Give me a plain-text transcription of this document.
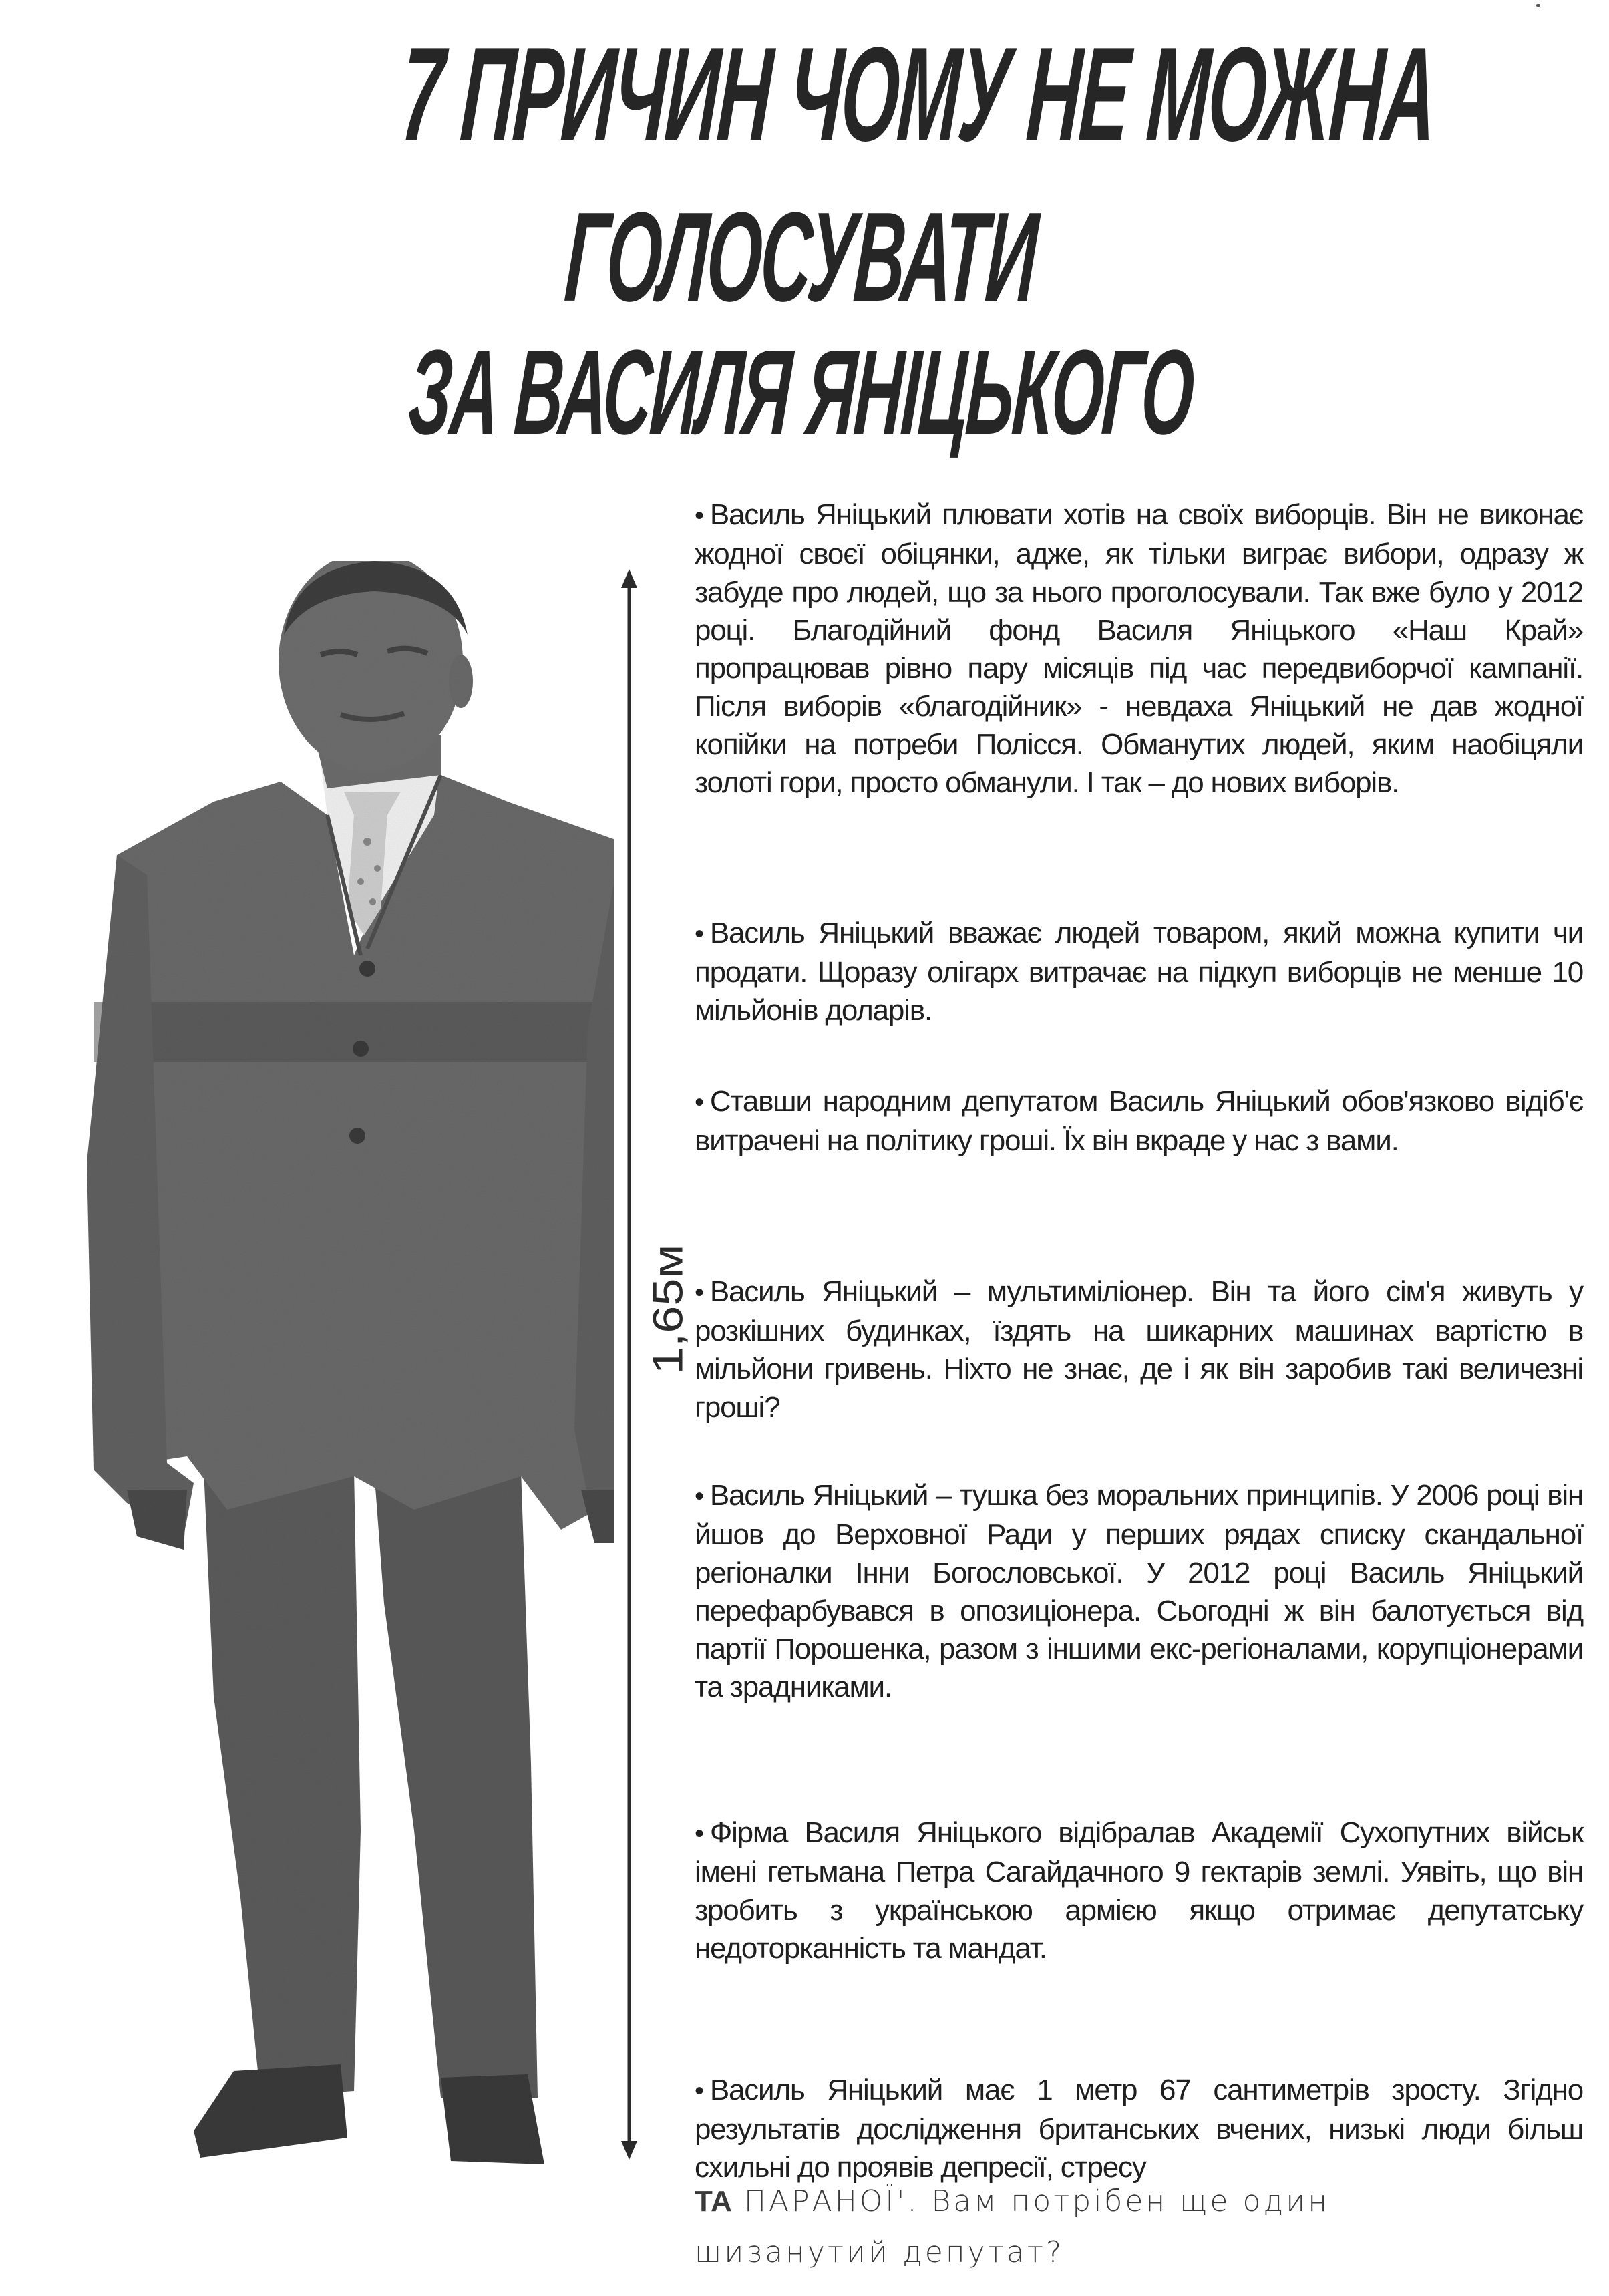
7 ПРИЧИН ЧОМУ НЕ МОЖНА
ГОЛОСУВАТИ
ЗА ВАСИЛЯ ЯНІЦЬКОГО
1,65м
• Василь Яніцький плювати хотів на своїх виборців. Він не виконає жодної своєї обіцянки, адже, як тільки виграє вибори, одразу ж забуде про людей, що за нього проголосували. Так вже було у 2012 році. Благодійний фонд Василя Яніцького «Наш Край» пропрацював рівно пару місяців під час передвиборчої кампанії. Після виборів «благодійник» - невдаха Яніцький не дав жодної копійки на потреби Полісся. Обманутих людей, яким наобіцяли золоті гори, просто обманули. І так – до нових виборів.
• Василь Яніцький вважає людей товаром, який можна купити чи продати. Щоразу олігарх витрачає на підкуп виборців не менше 10 мільйонів доларів.
• Ставши народним депутатом Василь Яніцький обов'язково відіб'є витрачені на політику гроші. Їх він вкраде у нас з вами.
• Василь Яніцький – мультиміліонер. Він та його сім'я живуть у розкішних будинках, їздять на шикарних машинах вартістю в мільйони гривень. Ніхто не знає, де і як він заробив такі величезні гроші?
• Василь Яніцький – тушка без моральних принципів. У 2006 році він йшов до Верховної Ради у перших рядах списку скандальної регіоналки Інни Богословської. У 2012 році Василь Яніцький перефарбувався в опозиціонера. Сьогодні ж він балотується від партії Порошенка, разом з іншими екс-регіоналами, корупціонерами та зрадниками.
• Фірма Василя Яніцького відібралав Академії Сухопутних військ імені гетьмана Петра Сагайдачного 9 гектарів землі. Уявіть, що він зробить з українською армією якщо отримає депутатську недоторканність та мандат.
• Василь Яніцький має 1 метр 67 сантиметрів зросту. Згідно результатів дослідження британських вчених, низькі люди більш схильні до проявів депресії, стресу
ТА ПАРАНОЇ'. Вам потрібен ще один
шизанутий депутат?
